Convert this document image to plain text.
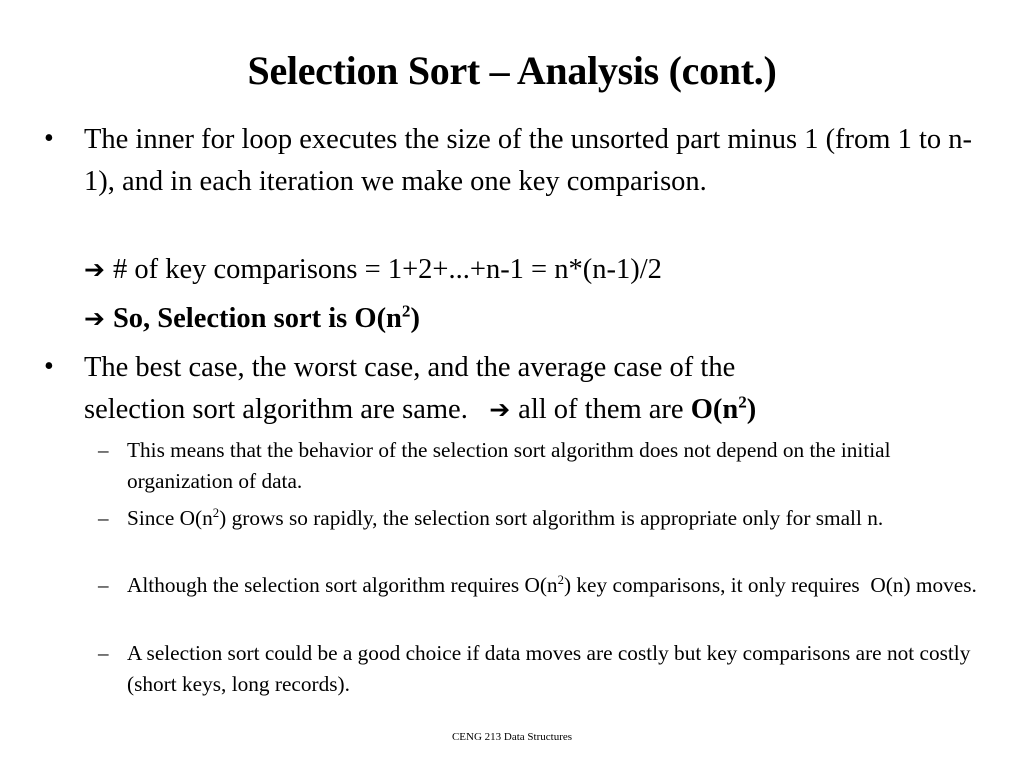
Selection Sort – Analysis (cont.)
• The inner for loop executes the size of the unsorted part minus 1 (from 1 to n-1), and in each iteration we make one key comparison.
➔ # of key comparisons = 1+2+...+n-1 = n*(n-1)/2
➔ So, Selection sort is $O(n^2)$
• The best case, the worst case, and the average case of the
selection sort algorithm are same. ➔ all of them are $O(n^2)$
– This means that the behavior of the selection sort algorithm does not depend on the initial organization of data.
– Since $O(n^2)$ grows so rapidly, the selection sort algorithm is appropriate only for small n.
– Although the selection sort algorithm requires $O(n^2)$ key comparisons, it only requires  O(n) moves.
– A selection sort could be a good choice if data moves are costly but key comparisons are not costly (short keys, long records).
CENG 213 Data Structures
